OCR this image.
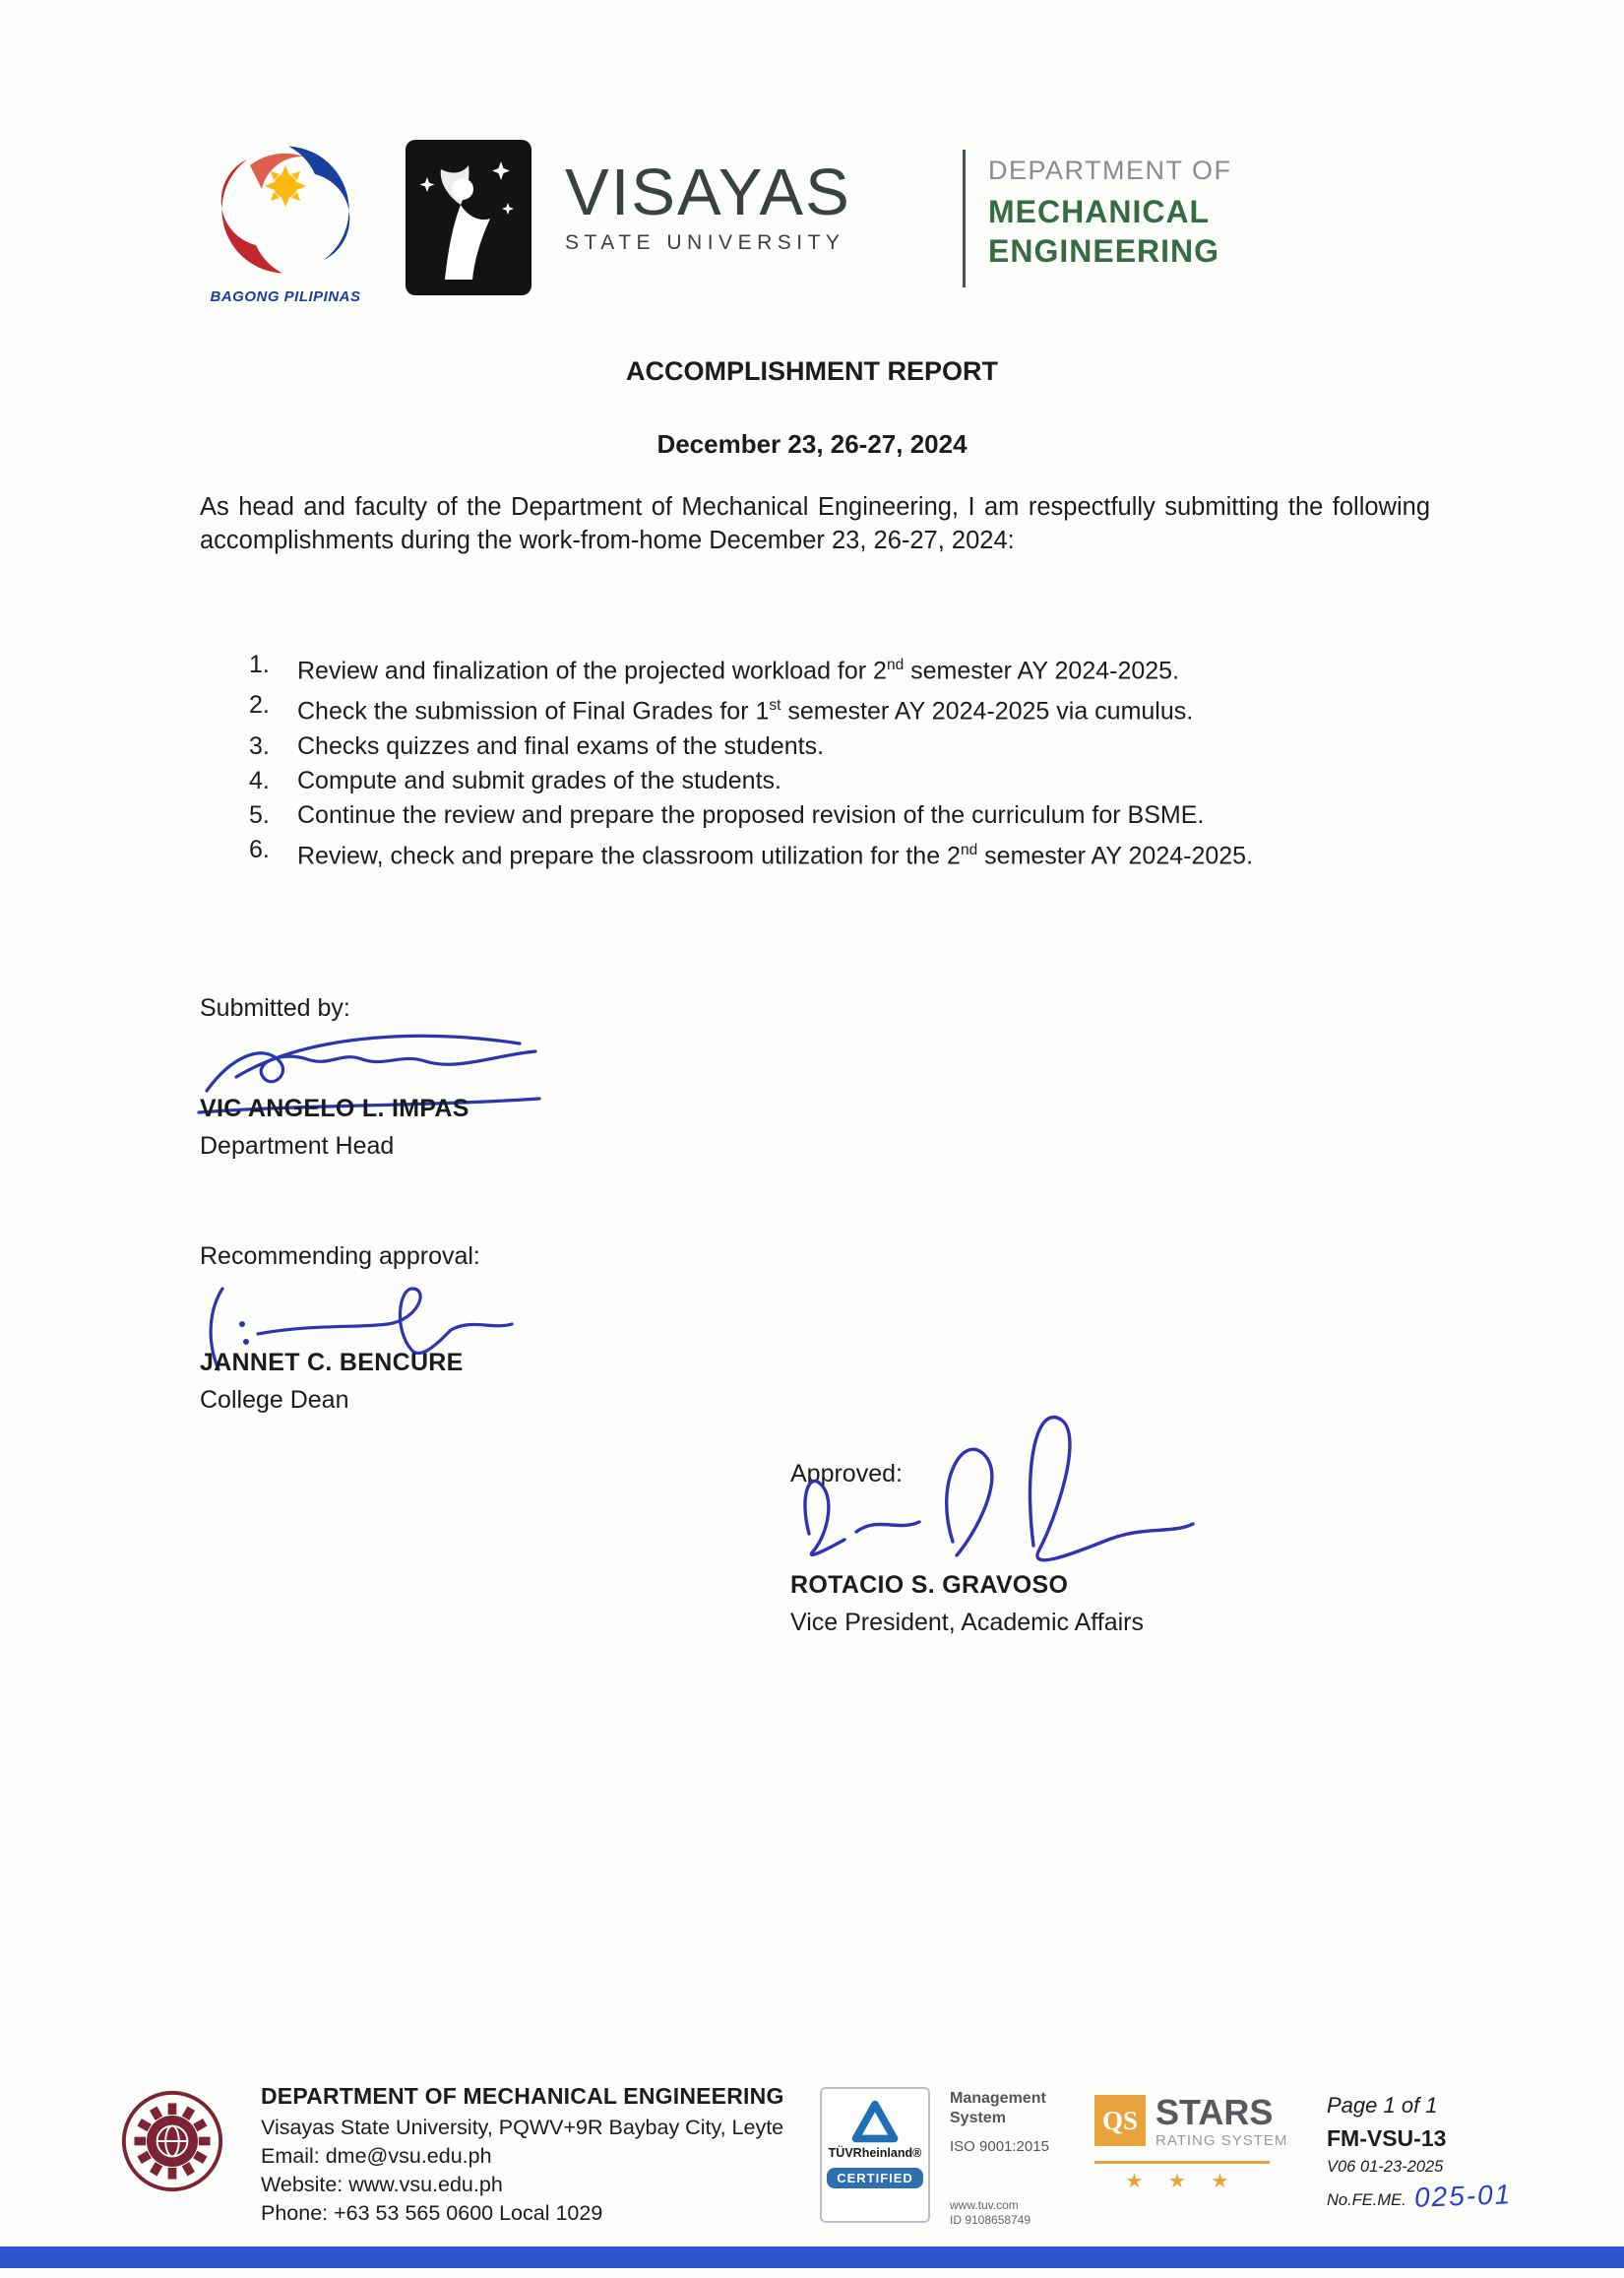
BAGONG PILIPINAS
VISAYAS
STATE UNIVERSITY
DEPARTMENT OF
MECHANICAL
ENGINEERING
ACCOMPLISHMENT REPORT
December 23, 26-27, 2024
As head and faculty of the Department of Mechanical Engineering, I am respectfully submitting the following accomplishments during the work-from-home December 23, 26-27, 2024:
1.	Review and finalization of the projected workload for 2nd semester AY 2024-2025.
2.	Check the submission of Final Grades for 1st semester AY 2024-2025 via cumulus.
3.	Checks quizzes and final exams of the students.
4.	Compute and submit grades of the students.
5.	Continue the review and prepare the proposed revision of the curriculum for BSME.
6.	Review, check and prepare the classroom utilization for the 2nd semester AY 2024-2025.
Submitted by:
VIC ANGELO L. IMPAS
Department Head
Recommending approval:
JANNET C. BENCURE
College Dean
Approved:
ROTACIO S. GRAVOSO
Vice President, Academic Affairs
DEPARTMENT OF MECHANICAL ENGINEERING
Visayas State University, PQWV+9R Baybay City, Leyte
Email: dme@vsu.edu.ph
Website: www.vsu.edu.ph
Phone: +63 53 565 0600 Local 1029
TÜVRheinland®
CERTIFIED
Management
System
ISO 9001:2015
www.tuv.com
ID 9108658749
QS STARS
RATING SYSTEM
★ ★ ★
Page 1 of 1
FM-VSU-13
V06 01-23-2025
No.FE.ME. 025-01
